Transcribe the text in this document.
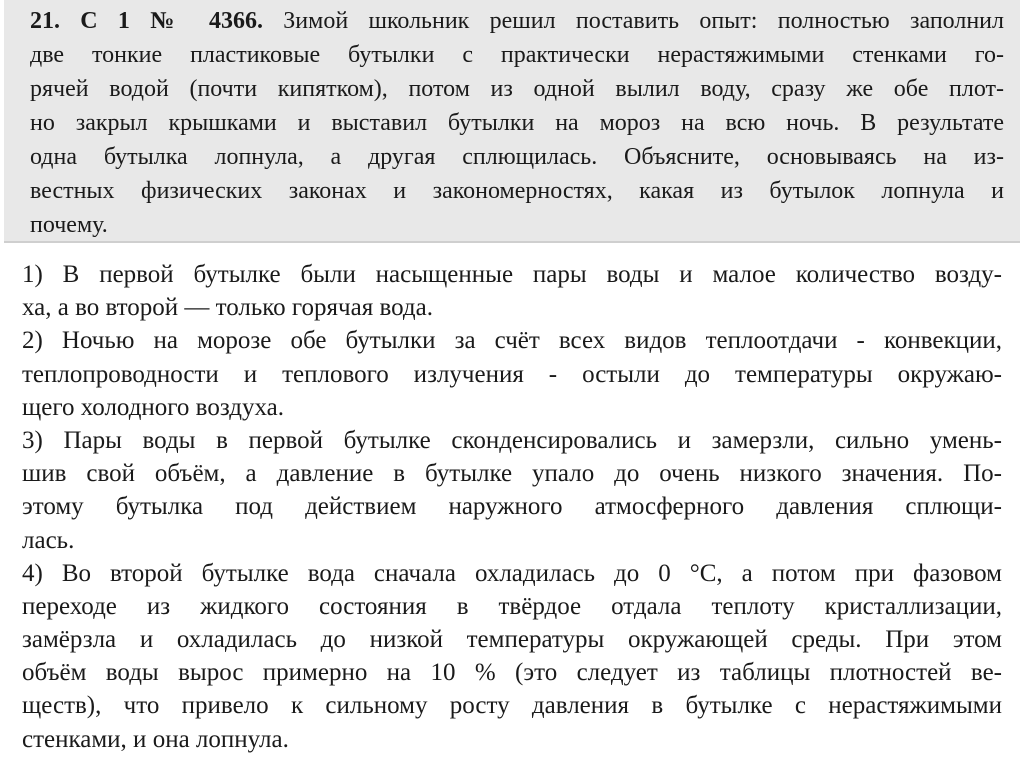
21. С 1 № 4366. Зимой школьник решил поставить опыт: полностью заполнил
две тонкие пластиковые бутылки с практически нерастяжимыми стенками го-
рячей водой (почти кипятком), потом из одной вылил воду, сразу же обе плот-
но закрыл крышками и выставил бутылки на мороз на всю ночь. В результате
одна бутылка лопнула, а другая сплющилась. Объясните, основываясь на из-
вестных физических законах и закономерностях, какая из бутылок лопнула и
почему.
1) В первой бутылке были насыщенные пары воды и малое количество возду-
ха, а во второй — только горячая вода.
2) Ночью на морозе обе бутылки за счёт всех видов теплоотдачи - конвекции,
теплопроводности и теплового излучения - остыли до температуры окружаю-
щего холодного воздуха.
3) Пары воды в первой бутылке сконденсировались и замерзли, сильно умень-
шив свой объём, а давление в бутылке упало до очень низкого значения. По-
этому бутылка под действием наружного атмосферного давления сплющи-
лась.
4) Во второй бутылке вода сначала охладилась до 0 °С, а потом при фазовом
переходе из жидкого состояния в твёрдое отдала теплоту кристаллизации,
замёрзла и охладилась до низкой температуры окружающей среды. При этом
объём воды вырос примерно на 10 % (это следует из таблицы плотностей ве-
ществ), что привело к сильному росту давления в бутылке с нерастяжимыми
стенками, и она лопнула.
